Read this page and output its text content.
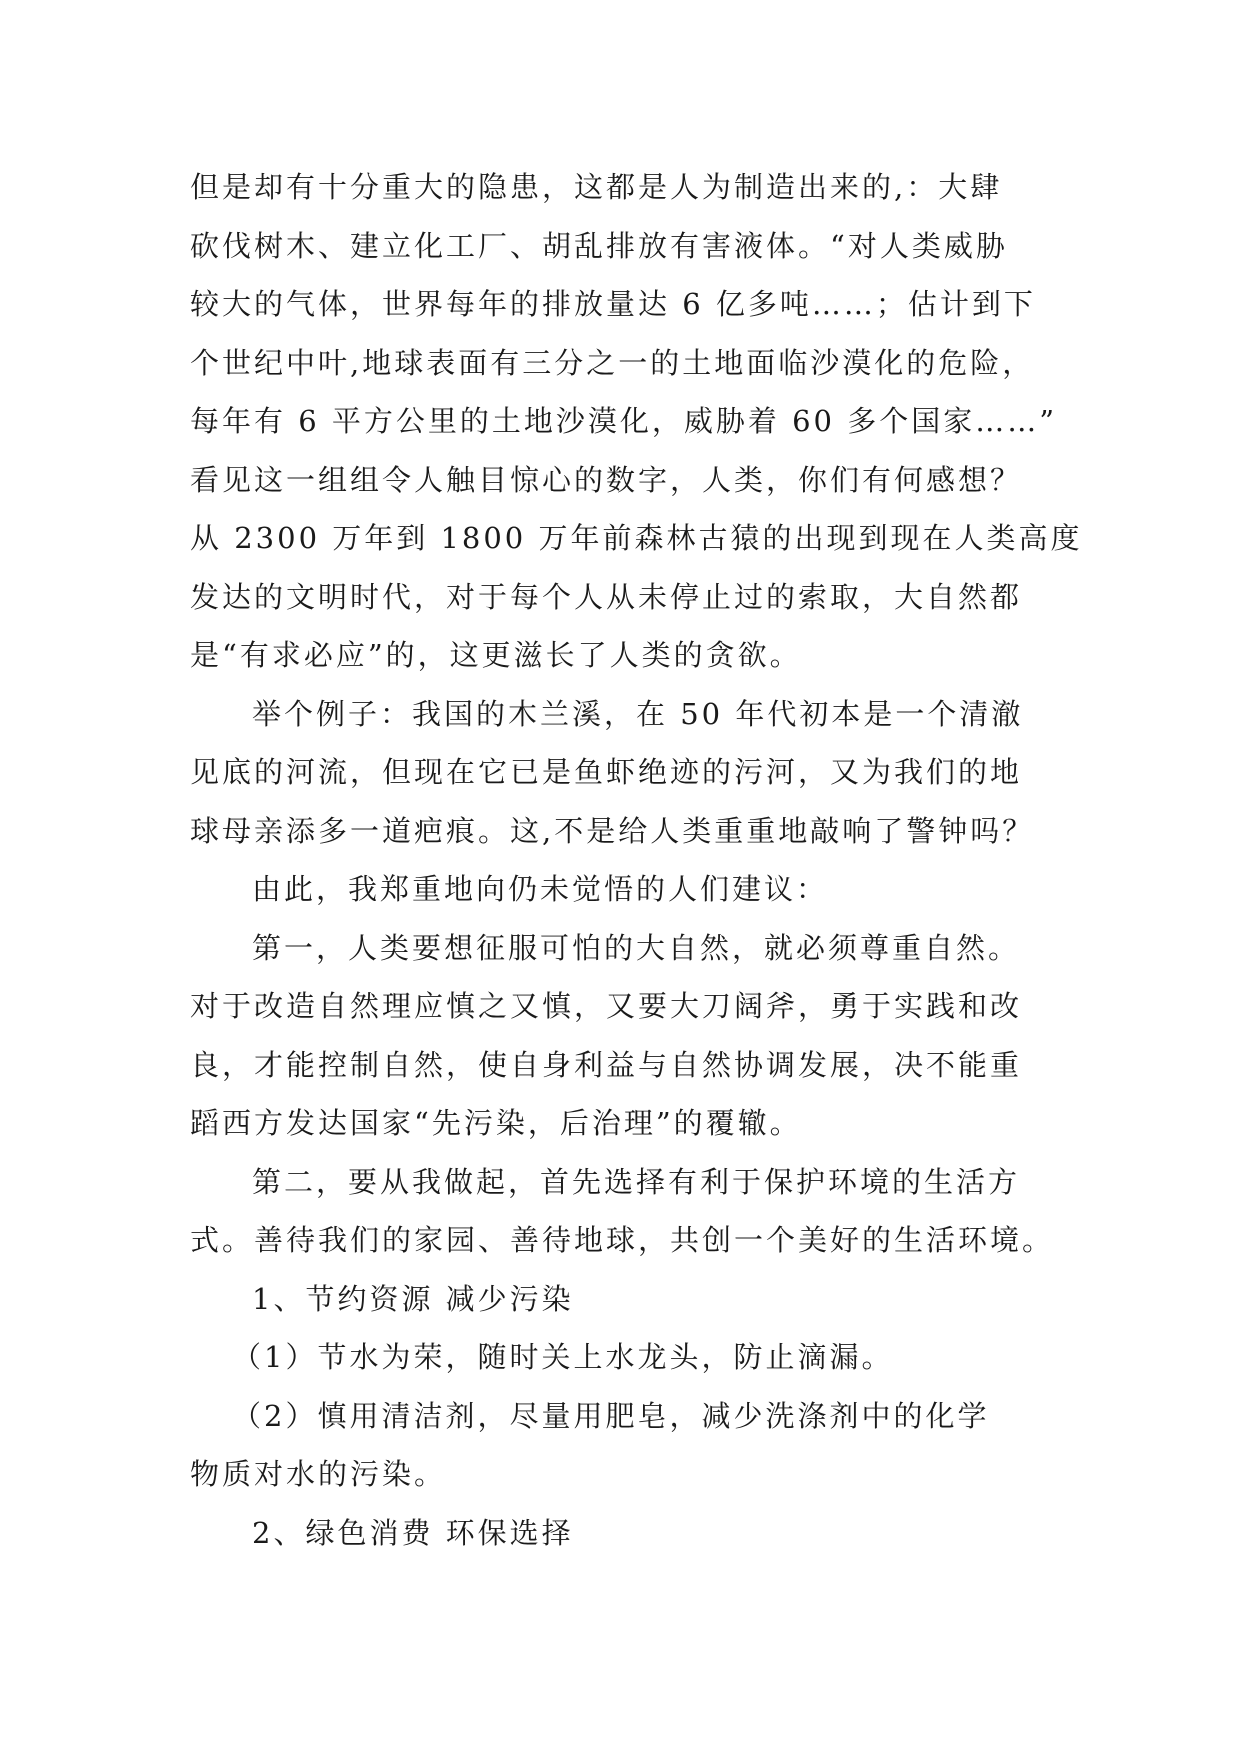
但是却有十分重大的隐患，这都是人为制造出来的,：大肆
砍伐树木、建立化工厂、胡乱排放有害液体。“对人类威胁
较大的气体，世界每年的排放量达 6 亿多吨……；估计到下
个世纪中叶,地球表面有三分之一的土地面临沙漠化的危险，
每年有 6 平方公里的土地沙漠化，威胁着 60 多个国家……”
看见这一组组令人触目惊心的数字，人类，你们有何感想？
从 2300 万年到 1800 万年前森林古猿的出现到现在人类高度
发达的文明时代，对于每个人从未停止过的索取，大自然都
是“有求必应”的，这更滋长了人类的贪欲。
举个例子：我国的木兰溪，在 50 年代初本是一个清澈
见底的河流，但现在它已是鱼虾绝迹的污河，又为我们的地
球母亲添多一道疤痕。这,不是给人类重重地敲响了警钟吗？
由此，我郑重地向仍未觉悟的人们建议：
第一，人类要想征服可怕的大自然，就必须尊重自然。
对于改造自然理应慎之又慎，又要大刀阔斧，勇于实践和改
良，才能控制自然，使自身利益与自然协调发展，决不能重
蹈西方发达国家“先污染，后治理”的覆辙。
第二，要从我做起，首先选择有利于保护环境的生活方
式。善待我们的家园、善待地球，共创一个美好的生活环境。
1、节约资源 减少污染
（1）节水为荣，随时关上水龙头，防止滴漏。
（2）慎用清洁剂，尽量用肥皂，减少洗涤剂中的化学
物质对水的污染。
2、绿色消费 环保选择
